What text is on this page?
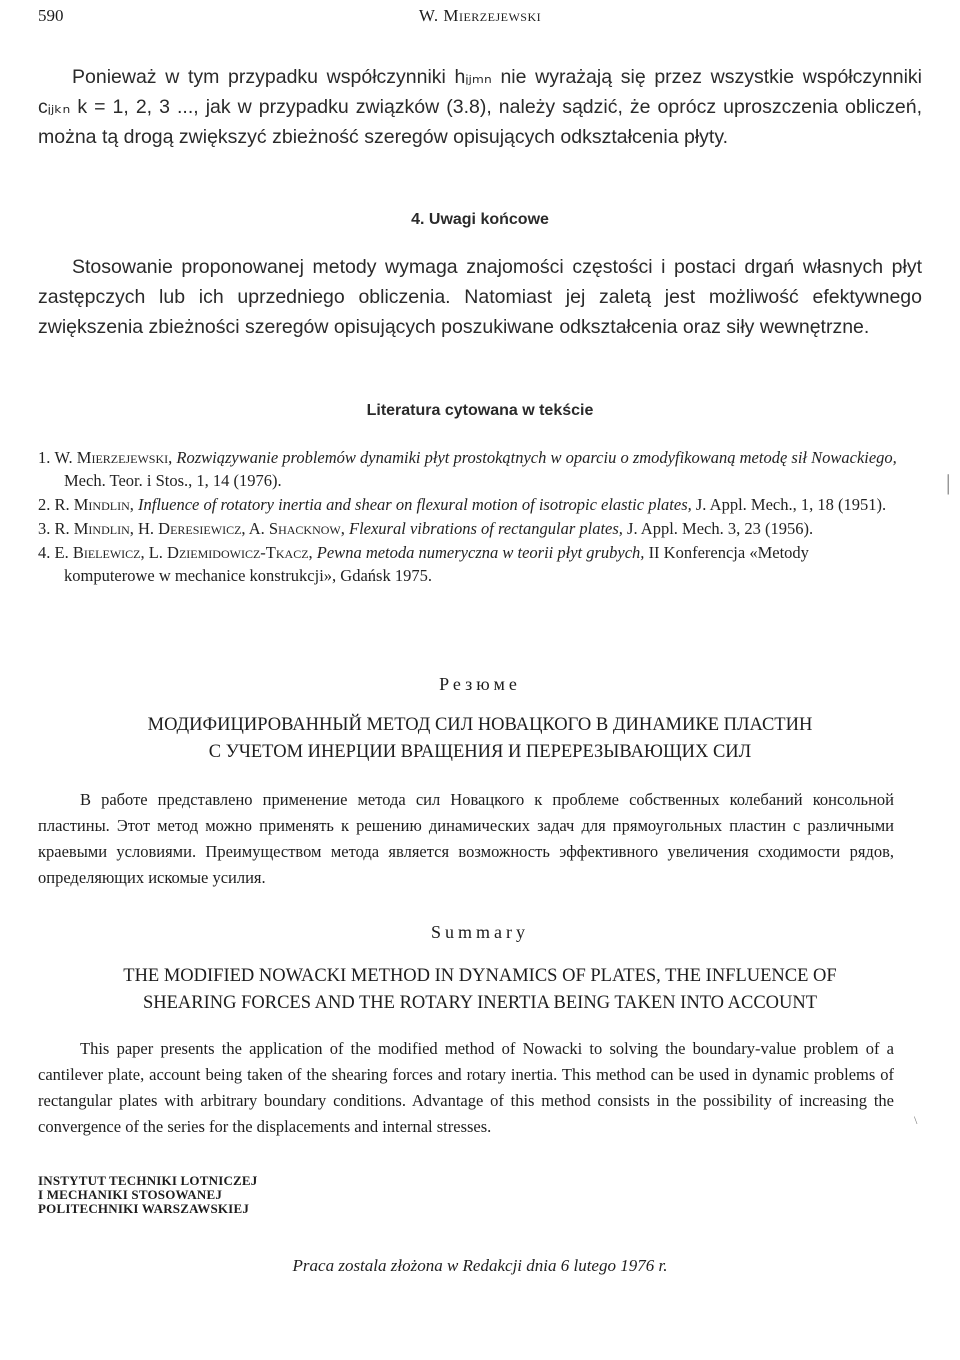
590	W. Mierzejewski

Ponieważ w tym przypadku współczynniki hᵢⱼₘₙ nie wyrażają się przez wszystkie współczynniki cᵢⱼₖₙ k = 1, 2, 3 ..., jak w przypadku związków (3.8), należy sądzić, że oprócz uproszczenia obliczeń, można tą drogą zwiększyć zbieżność szeregów opisujących odkształcenia płyty.

4. Uwagi końcowe

Stosowanie proponowanej metody wymaga znajomości częstości i postaci drgań własnych płyt zastępczych lub ich uprzedniego obliczenia. Natomiast jej zaletą jest możliwość efektywnego zwiększenia zbieżności szeregów opisujących poszukiwane odkształcenia oraz siły wewnętrzne.

Literatura cytowana w tekście
1. W. Mierzejewski, Rozwiązywanie problemów dynamiki płyt prostokątnych w oparciu o zmodyfikowaną metodę sił Nowackiego, Mech. Teor. i Stos., 1, 14 (1976).
2. R. Mindlin, Influence of rotatory inertia and shear on flexural motion of isotropic elastic plates, J. Appl. Mech., 1, 18 (1951).
3. R. Mindlin, H. Deresiewicz, A. Shacknow, Flexural vibrations of rectangular plates, J. Appl. Mech. 3, 23 (1956).
4. E. Bielewicz, L. Dziemidowicz-Tkacz, Pewna metoda numeryczna w teorii płyt grubych, II Konferencja «Metody komputerowe w mechanice konstrukcji», Gdańsk 1975.
Резюме
МОДИФИЦИРОВАННЫЙ МЕТОД СИЛ НОВАЦКОГО В ДИНАМИКЕ ПЛАСТИН
С УЧЕТОМ ИНЕРЦИИ ВРАЩЕНИЯ И ПЕРЕРЕЗЫВАЮЩИХ СИЛ

В работе представлено применение метода сил Новацкого к проблеме собственных колебаний консольной пластины. Этот метод можно применять к решению динамических задач для прямоугольных пластин с различными краевыми условиями. Преимуществом метода является возможность эффективного увеличения сходимости рядов, определяющих искомые усилия.

Summary
THE MODIFIED NOWACKI METHOD IN DYNAMICS OF PLATES, THE INFLUENCE OF
SHEARING FORCES AND THE ROTARY INERTIA BEING TAKEN INTO ACCOUNT

This paper presents the application of the modified method of Nowacki to solving the boundary-value problem of a cantilever plate, account being taken of the shearing forces and rotary inertia. This method can be used in dynamic problems of rectangular plates with arbitrary boundary conditions. Advantage of this method consists in the possibility of increasing the convergence of the series for the displacements and internal stresses.

INSTYTUT TECHNIKI LOTNICZEJ
I MECHANIKI STOSOWANEJ
POLITECHNIKI WARSZAWSKIEJ
Praca zostala złożona w Redakcji dnia 6 lutego 1976 r.
\
|
